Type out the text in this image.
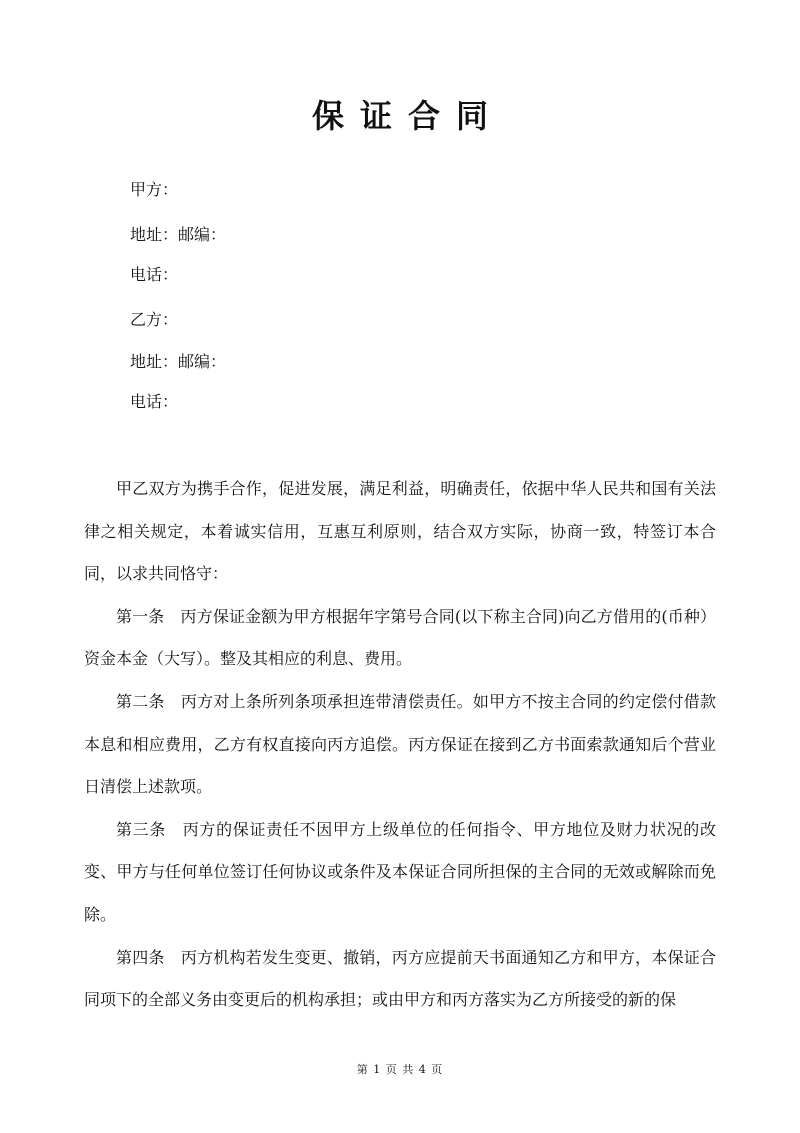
保证合同
甲方：
地址：邮编：
电话：
乙方：
地址：邮编：
电话：

甲乙双方为携手合作，促进发展，满足利益，明确责任，依据中华人民共和国有关法律之相关规定，本着诚实信用，互惠互利原则，结合双方实际，协商一致，特签订本合同，以求共同恪守：

第一条　丙方保证金额为甲方根据年字第号合同(以下称主合同)向乙方借用的(币种）资金本金（大写）。整及其相应的利息、费用。

第二条　丙方对上条所列条项承担连带清偿责任。如甲方不按主合同的约定偿付借款本息和相应费用，乙方有权直接向丙方追偿。丙方保证在接到乙方书面索款通知后个营业日清偿上述款项。

第三条　丙方的保证责任不因甲方上级单位的任何指令、甲方地位及财力状况的改变、甲方与任何单位签订任何协议或条件及本保证合同所担保的主合同的无效或解除而免除。

第四条　丙方机构若发生变更、撤销，丙方应提前天书面通知乙方和甲方，本保证合同项下的全部义务由变更后的机构承担；或由甲方和丙方落实为乙方所接受的新的保

第 1 页 共 4 页
